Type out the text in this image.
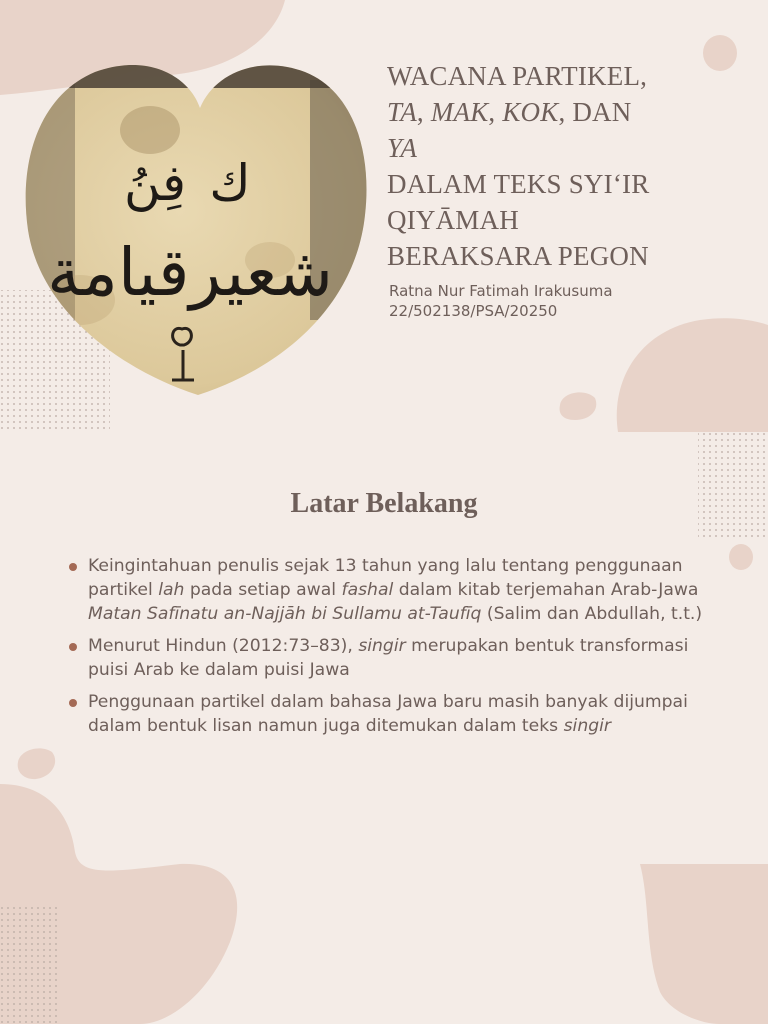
فِنُ ك
شعيرقيامة
WACANA PARTIKEL,
TA, MAK, KOK, DAN
YA
DALAM TEKS SYI‘IR
QIYĀMAH
BERAKSARA PEGON
Ratna Nur Fatimah Irakusuma
22/502138/PSA/20250
Latar Belakang
Keingintahuan penulis sejak 13 tahun yang lalu tentang penggunaan partikel lah pada setiap awal fashal dalam kitab terjemahan Arab-Jawa Matan Safīnatu an-Najjāh bi Sullamu at-Taufīq (Salim dan Abdullah, t.t.)
Menurut Hindun (2012:73–83), singir merupakan bentuk transformasi puisi Arab ke dalam puisi Jawa
Penggunaan partikel dalam bahasa Jawa baru masih banyak dijumpai dalam bentuk lisan namun juga ditemukan dalam teks singir
